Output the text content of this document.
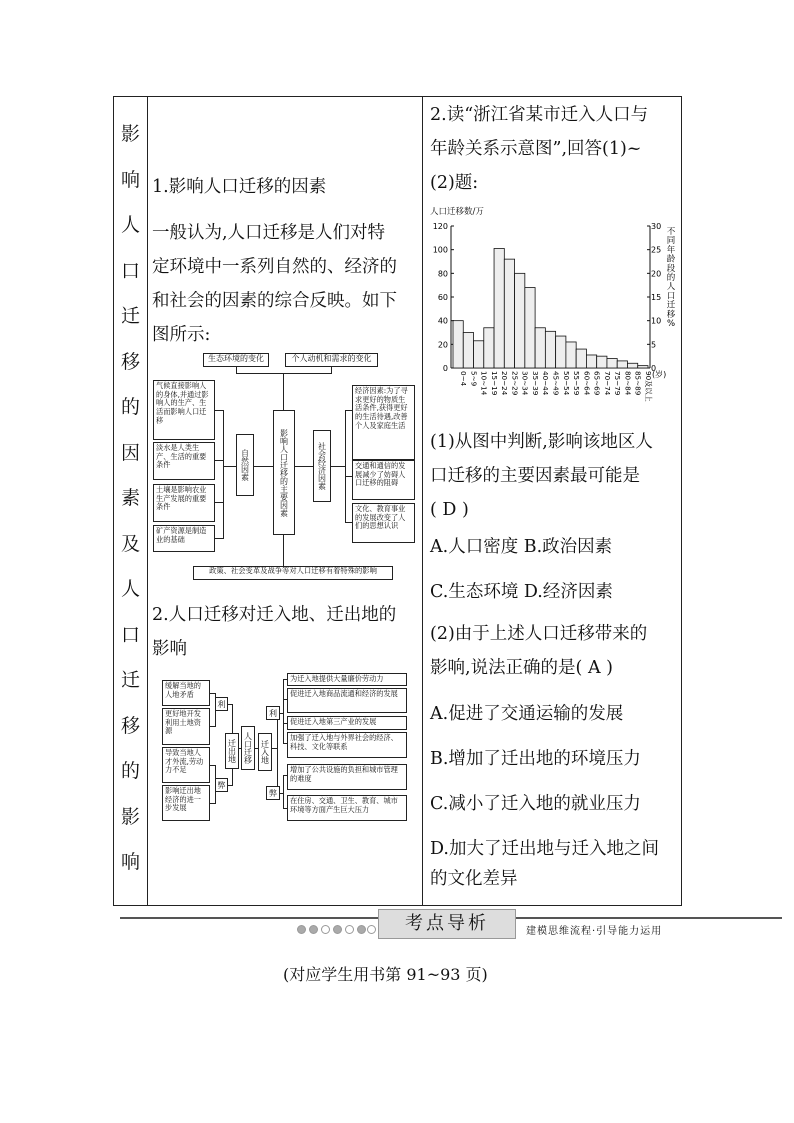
影
响
人
口
迁
移
的
因
素
及
人
口
迁
移
的
影
响
1.影响人口迁移的因素
一般认为,人口迁移是人们对特
定环境中一系列自然的、经济的
和社会的因素的综合反映。如下
图所示:
生态环境的变化	个人动机和需求的变化
气候直接影响人的身体,并通过影响人的生产、生活而影响人口迁移
淡水是人类生产、生活的重要条件
土壤是影响农业生产发展的重要条件
矿产资源是制造业的基础
自然因素	影响人口迁移的主要因素	社会经济因素
经济因素:为了寻求更好的物质生活条件,获得更好的生活待遇,改善个人及家庭生活
交通和通信的发展减少了妨碍人口迁移的阻碍
文化、教育事业的发展改变了人们的思想认识
政策、社会变革及战争等对人口迁移有着特殊的影响
2.人口迁移对迁入地、迁出地的
影响
缓解当地的人地矛盾
更好地开发利用土地资源
导致当地人才外流,劳动力不足
影响迁出地经济的进一步发展
利
弊
迁出地 人口迁移	迁入地
利
弊
为迁入地提供大量廉价劳动力
促进迁入地商品流通和经济的发展
促进迁入地第三产业的发展
加强了迁入地与外界社会的经济、科技、文化等联系
增加了公共设施的负担和城市管理的难度
在住房、交通、卫生、教育、城市环境等方面产生巨大压力
2.读“浙江省某市迁入人口与
年龄关系示意图”,回答(1)~
(2)题:
人口迁移数/万
0
20
40
60
80
100
120
0
5
10
15
20
25
30
不
同
年
龄
段
的
人
口
迁
移
%
0~4 5~9 10~14 15~19 20~24 25~29 30~34 35~39 40~44 45~49 50~54 55~59 60~64 65~69 70~74 75~79 80~84 85~89 90及以上 (岁)
(1)从图中判断,影响该地区人
口迁移的主要因素最可能是
( D )
A.人口密度 B.政治因素
C.生态环境 D.经济因素
(2)由于上述人口迁移带来的
影响,说法正确的是( A )
A.促进了交通运输的发展
B.增加了迁出地的环境压力
C.减小了迁入地的就业压力
D.加大了迁出地与迁入地之间
的文化差异
考点导析	建模思维流程·引导能力运用
(对应学生用书第 91~93 页)
